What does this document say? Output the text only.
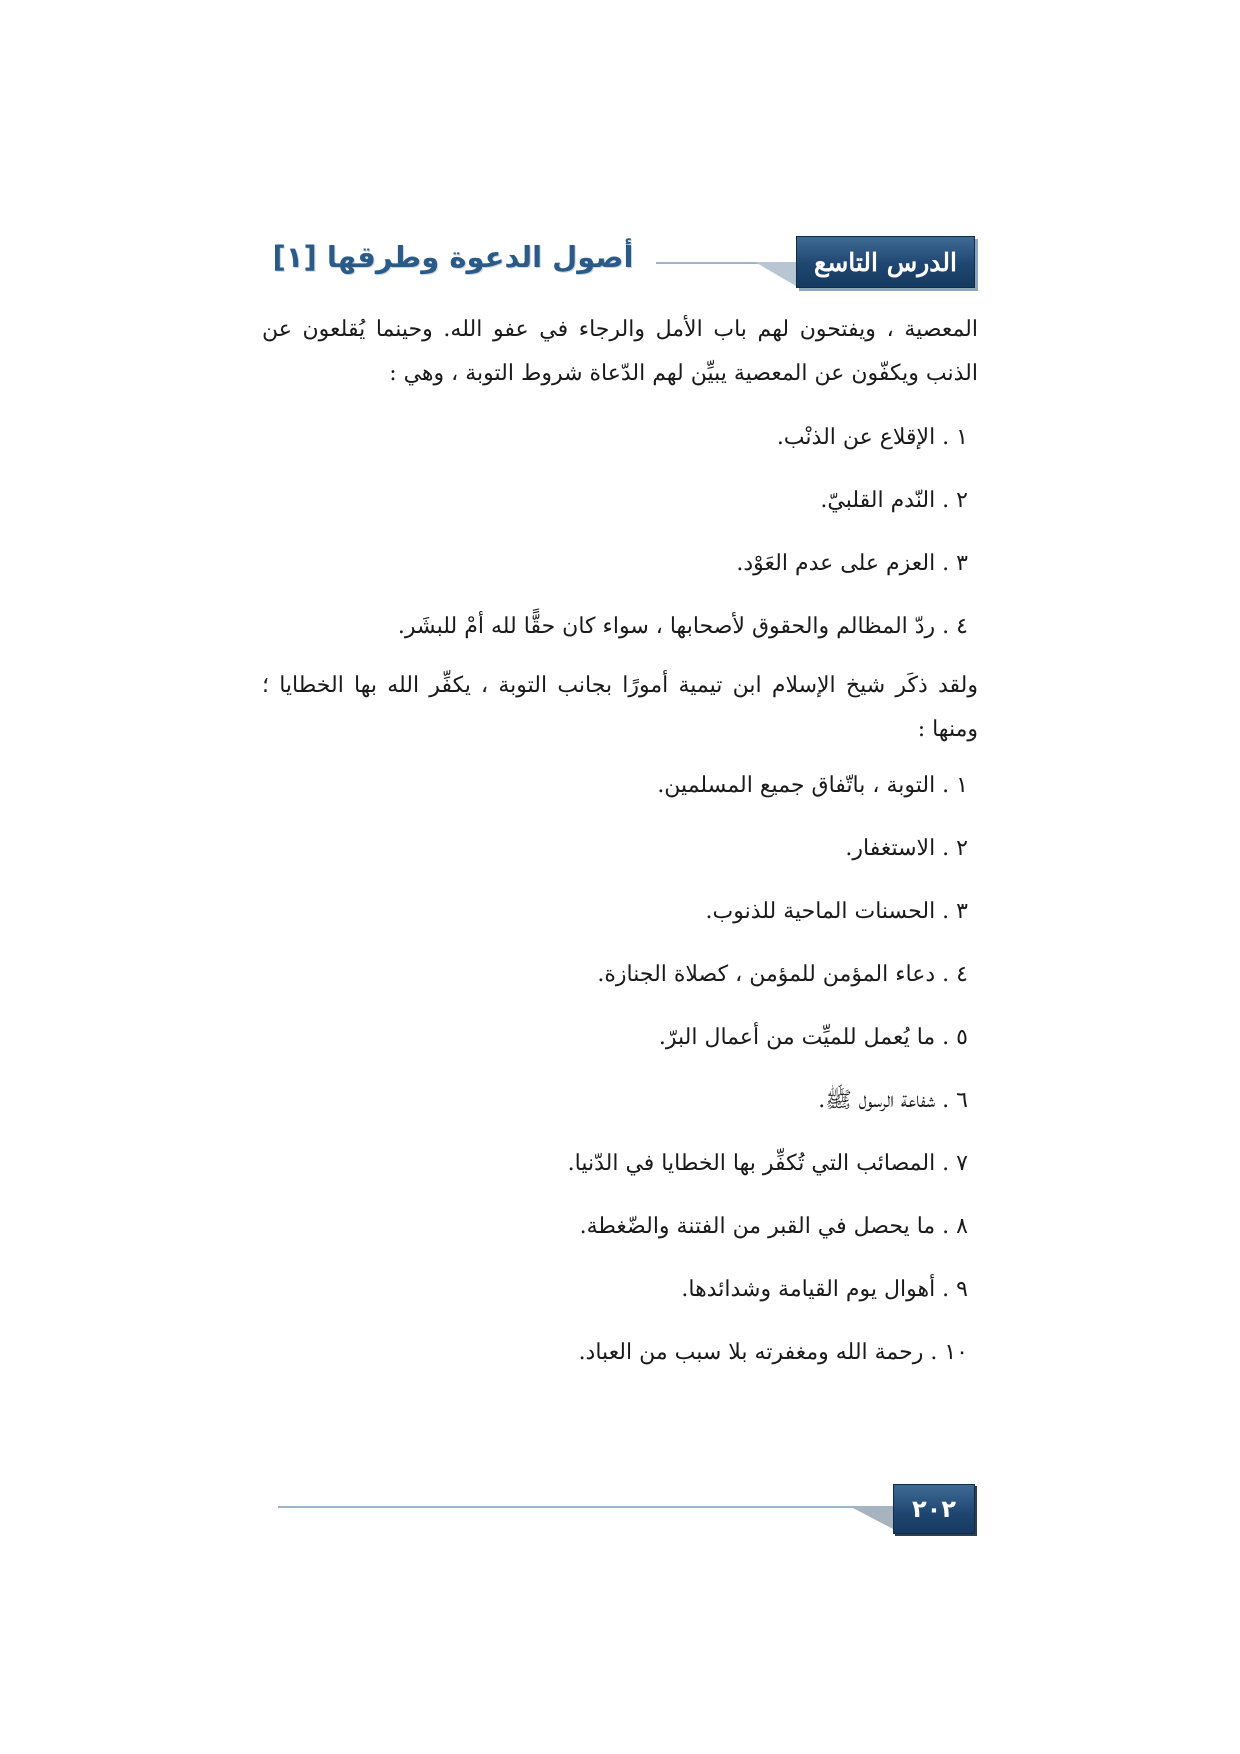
الدرس التاسع
أصول الدعوة وطرقها [١]

المعصية ، ويفتحون لهم باب الأمل والرجاء في عفو الله. وحينما يُقلعون عن الذنب ويكفّون عن المعصية يبيِّن لهم الدّعاة شروط التوبة ، وهي :

١ . الإقلاع عن الذنْب.
٢ . النّدم القلبيّ.
٣ . العزم على عدم العَوْد.
٤ . ردّ المظالم والحقوق لأصحابها ، سواء كان حقًّا لله أمْ للبشَر.

ولقد ذكَر شيخ الإسلام ابن تيمية أمورًا بجانب التوبة ، يكفِّر الله بها الخطايا ؛ ومنها :

١ . التوبة ، باتّفاق جميع المسلمين.
٢ . الاستغفار.
٣ . الحسنات الماحية للذنوب.
٤ . دعاء المؤمن للمؤمن ، كصلاة الجنازة.
٥ . ما يُعمل للميِّت من أعمال البرّ.
٦ . شفاعة الرسول ﷺ.
٧ . المصائب التي تُكفِّر بها الخطايا في الدّنيا.
٨ . ما يحصل في القبر من الفتنة والضّغطة.
٩ . أهوال يوم القيامة وشدائدها.
١٠ . رحمة الله ومغفرته بلا سبب من العباد.
٢٠٢
